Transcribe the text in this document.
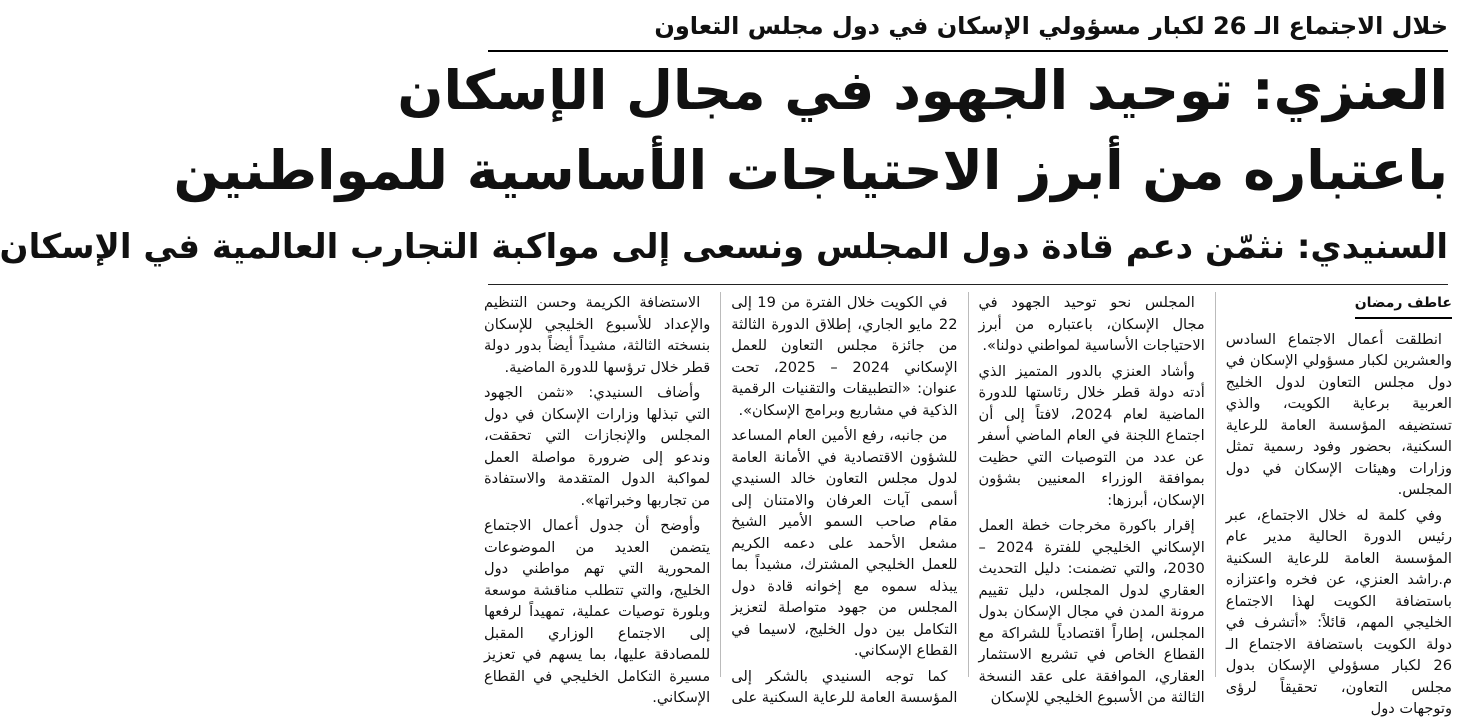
خلال الاجتماع الـ 26 لكبار مسؤولي الإسكان في دول مجلس التعاون
العنزي: توحيد الجهود في مجال الإسكان
باعتباره من أبرز الاحتياجات الأساسية للمواطنين
السنيدي: نثمّن دعم قادة دول المجلس ونسعى إلى مواكبة التجارب العالمية في الإسكان
عاطف رمضان

انطلقت أعمال الاجتماع السادس والعشرين لكبار مسؤولي الإسكان في دول مجلس التعاون لدول الخليج العربية برعاية الكويت، والذي تستضيفه المؤسسة العامة للرعاية السكنية، بحضور وفود رسمية تمثل وزارات وهيئات الإسكان في دول المجلس.

وفي كلمة له خلال الاجتماع، عبر رئيس الدورة الحالية مدير عام المؤسسة العامة للرعاية السكنية م.راشد العنزي، عن فخره واعتزازه باستضافة الكويت لهذا الاجتماع الخليجي المهم، قائلاً: «أتشرف في دولة الكويت باستضافة الاجتماع الـ 26 لكبار مسؤولي الإسكان بدول مجلس التعاون، تحقيقاً لرؤى وتوجهات دول

المجلس نحو توحيد الجهود في مجال الإسكان، باعتباره من أبرز الاحتياجات الأساسية لمواطني دولنا».

وأشاد العنزي بالدور المتميز الذي أدته دولة قطر خلال رئاستها للدورة الماضية لعام 2024، لافتاً إلى أن اجتماع اللجنة في العام الماضي أسفر عن عدد من التوصيات التي حظيت بموافقة الوزراء المعنيين بشؤون الإسكان، أبرزها:

إقرار باكورة مخرجات خطة العمل الإسكاني الخليجي للفترة 2024 – 2030، والتي تضمنت: دليل التحديث العقاري لدول المجلس، دليل تقييم مرونة المدن في مجال الإسكان بدول المجلس، إطاراً اقتصادياً للشراكة مع القطاع الخاص في تشريع الاستثمار العقاري، الموافقة على عقد النسخة الثالثة من الأسبوع الخليجي للإسكان

في الكويت خلال الفترة من 19 إلى 22 مايو الجاري، إطلاق الدورة الثالثة من جائزة مجلس التعاون للعمل الإسكاني 2024 – 2025، تحت عنوان: «التطبيقات والتقنيات الرقمية الذكية في مشاريع وبرامج الإسكان».

من جانبه، رفع الأمين العام المساعد للشؤون الاقتصادية في الأمانة العامة لدول مجلس التعاون خالد السنيدي أسمى آيات العرفان والامتنان إلى مقام صاحب السمو الأمير الشيخ مشعل الأحمد على دعمه الكريم للعمل الخليجي المشترك، مشيداً بما يبذله سموه مع إخوانه قادة دول المجلس من جهود متواصلة لتعزيز التكامل بين دول الخليج، لاسيما في القطاع الإسكاني.

كما توجه السنيدي بالشكر إلى المؤسسة العامة للرعاية السكنية على

الاستضافة الكريمة وحسن التنظيم والإعداد للأسبوع الخليجي للإسكان بنسخته الثالثة، مشيداً أيضاً بدور دولة قطر خلال ترؤسها للدورة الماضية.

وأضاف السنيدي: «نثمن الجهود التي تبذلها وزارات الإسكان في دول المجلس والإنجازات التي تحققت، وندعو إلى ضرورة مواصلة العمل لمواكبة الدول المتقدمة والاستفادة من تجاربها وخبراتها».

وأوضح أن جدول أعمال الاجتماع يتضمن العديد من الموضوعات المحورية التي تهم مواطني دول الخليج، والتي تتطلب مناقشة موسعة وبلورة توصيات عملية، تمهيداً لرفعها إلى الاجتماع الوزاري المقبل للمصادقة عليها، بما يسهم في تعزيز مسيرة التكامل الخليجي في القطاع الإسكاني.
